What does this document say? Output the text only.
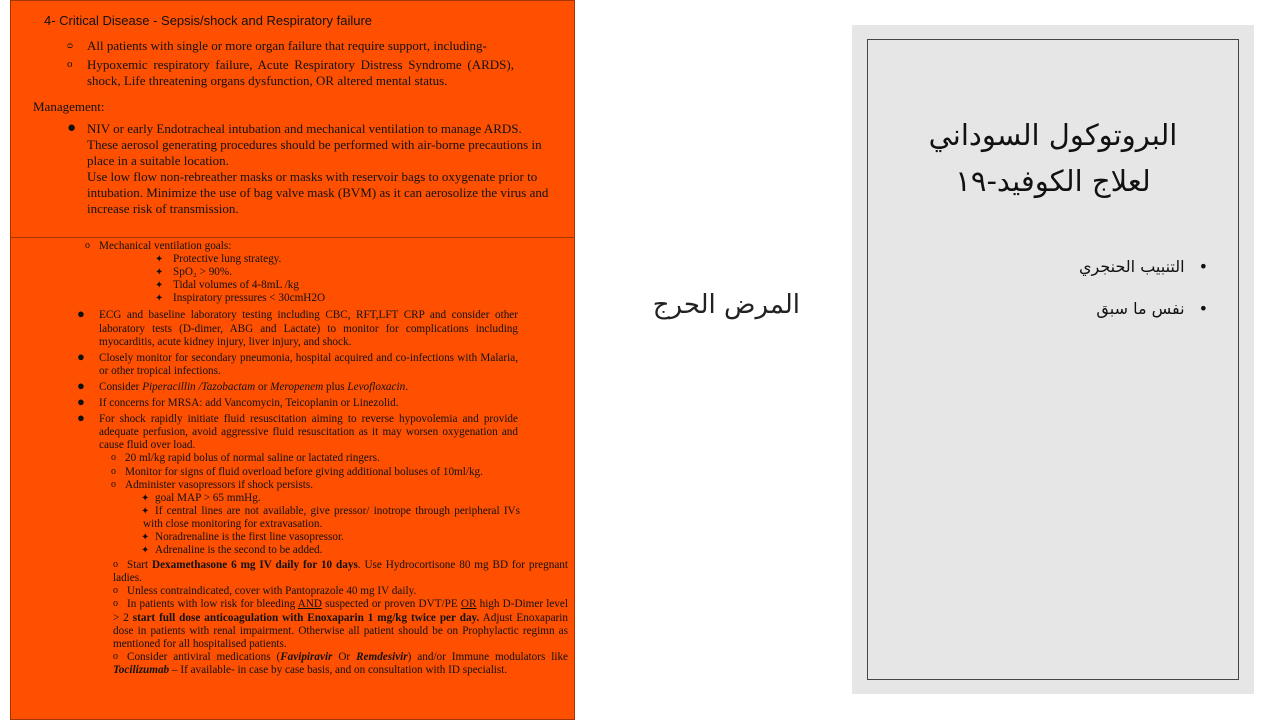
4- Critical Disease - Sepsis/shock and Respiratory failure
ᴑ All patients with single or more organ failure that require support, including-
o Hypoxemic respiratory failure, Acute Respiratory Distress Syndrome (ARDS), shock, Life threatening organs dysfunction, OR altered mental status.
Management:
● NIV or early Endotracheal intubation and mechanical ventilation to manage ARDS.
These aerosol generating procedures should be performed with air-borne precautions in place in a suitable location.
Use low flow non-rebreather masks or masks with reservoir bags to oxygenate prior to intubation. Minimize the use of bag valve mask (BVM) as it can aerosolize the virus and increase risk of transmission.
o Mechanical ventilation goals:
✦ Protective lung strategy.
✦ SpO₂ > 90%.
✦ Tidal volumes of 4-8mL /kg
✦ Inspiratory pressures < 30cmH2O
● ECG and baseline laboratory testing including CBC, RFT,LFT CRP and consider other laboratory tests (D-dimer, ABG and Lactate) to monitor for complications including myocarditis, acute kidney injury, liver injury, and shock.
● Closely monitor for secondary pneumonia, hospital acquired and co-infections with Malaria, or other tropical infections.
● Consider Piperacillin /Tazobactam or Meropenem plus Levofloxacin.
● If concerns for MRSA: add Vancomycin, Teicoplanin or Linezolid.
● For shock rapidly initiate fluid resuscitation aiming to reverse hypovolemia and provide adequate perfusion, avoid aggressive fluid resuscitation as it may worsen oxygenation and cause fluid over load.
o 20 ml/kg rapid bolus of normal saline or lactated ringers.
o Monitor for signs of fluid overload before giving additional boluses of 10ml/kg.
o Administer vasopressors if shock persists.
✦ goal MAP > 65 mmHg.
✦ If central lines are not available, give pressor/ inotrope through peripheral IVs with close monitoring for extravasation.
✦ Noradrenaline is the first line vasopressor.
✦ Adrenaline is the second to be added.
o Start Dexamethasone 6 mg IV daily for 10 days. Use Hydrocortisone 80 mg BD for pregnant ladies.
o Unless contraindicated, cover with Pantoprazole 40 mg IV daily.
o In patients with low risk for bleeding AND suspected or proven DVT/PE OR high D-Dimer level > 2 start full dose anticoagulation with Enoxaparin 1 mg/kg twice per day. Adjust Enoxaparin dose in patients with renal impairment. Otherwise all patient should be on Prophylactic regimn as mentioned for all hospitalised patients.
o Consider antiviral medications (Favipiravir Or Remdesivir) and/or Immune modulators like Tocilizumab – If available- in case by case basis, and on consultation with ID specialist.
المرض الحرج
البروتوكول السوداني
لعلاج الكوفيد-١٩
•التنبيب الحنجري
•نفس ما سبق
